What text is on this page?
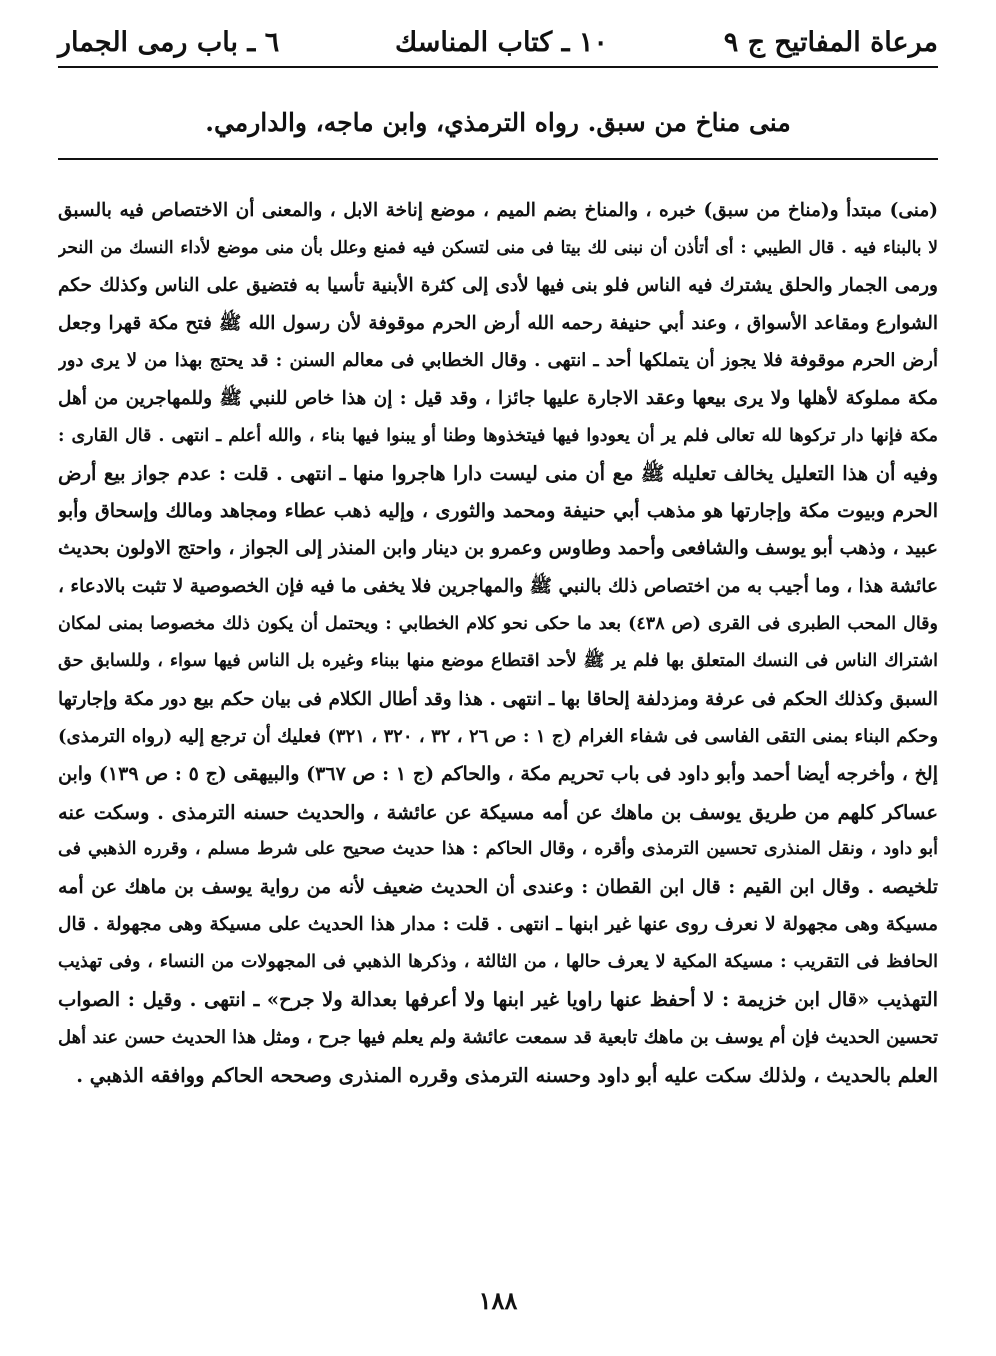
مرعاة المفاتيح ج ٩
١٠ ـ كتاب المناسك
٦ ـ باب رمى الجمار
منى مناخ من سبق. رواه الترمذي، وابن ماجه، والدارمي.
(منى) مبتدأ و(مناخ من سبق) خبره ، والمناخ بضم الميم ، موضع إناخة الابل ، والمعنى أن الاختصاص فيه بالسبق
لا بالبناء فيه . قال الطيبي : أى أتأذن أن نبنى لك بيتا فى منى لتسكن فيه فمنع وعلل بأن منى موضع لأداء النسك من النحر
ورمى الجمار والحلق يشترك فيه الناس فلو بنى فيها لأدى إلى كثرة الأبنية تأسيا به فتضيق على الناس وكذلك حكم
الشوارع ومقاعد الأسواق ، وعند أبي حنيفة رحمه الله أرض الحرم موقوفة لأن رسول الله ﷺ فتح مكة قهرا وجعل
أرض الحرم موقوفة فلا يجوز أن يتملكها أحد ـ انتهى . وقال الخطابي فى معالم السنن : قد يحتج بهذا من لا يرى دور
مكة مملوكة لأهلها ولا يرى بيعها وعقد الاجارة عليها جائزا ، وقد قيل : إن هذا خاص للنبي ﷺ وللمهاجرين من أهل
مكة فإنها دار تركوها لله تعالى فلم ير أن يعودوا فيها فيتخذوها وطنا أو يبنوا فيها بناء ، والله أعلم ـ انتهى . قال القارى :
وفيه أن هذا التعليل يخالف تعليله ﷺ مع أن منى ليست دارا هاجروا منها ـ انتهى . قلت : عدم جواز بيع أرض
الحرم وبيوت مكة وإجارتها هو مذهب أبي حنيفة ومحمد والثورى ، وإليه ذهب عطاء ومجاهد ومالك وإسحاق وأبو
عبيد ، وذهب أبو يوسف والشافعى وأحمد وطاوس وعمرو بن دينار وابن المنذر إلى الجواز ، واحتج الاولون بحديث
عائشة هذا ، وما أجيب به من اختصاص ذلك بالنبي ﷺ والمهاجرين فلا يخفى ما فيه فإن الخصوصية لا تثبت بالادعاء ،
وقال المحب الطبرى فى القرى (ص ٤٣٨) بعد ما حكى نحو كلام الخطابي : ويحتمل أن يكون ذلك مخصوصا بمنى لمكان
اشتراك الناس فى النسك المتعلق بها فلم ير ﷺ لأحد اقتطاع موضع منها ببناء وغيره بل الناس فيها سواء ، وللسابق حق
السبق وكذلك الحكم فى عرفة ومزدلفة إلحاقا بها ـ انتهى . هذا وقد أطال الكلام فى بيان حكم بيع دور مكة وإجارتها
وحكم البناء بمنى التقى الفاسى فى شفاء الغرام (ج ١ : ص ٢٦ ، ٣٢ ، ٣٢٠ ، ٣٢١) فعليك أن ترجع إليه (رواه الترمذى)
إلخ ، وأخرجه أيضا أحمد وأبو داود فى باب تحريم مكة ، والحاكم (ج ١ : ص ٣٦٧) والبيهقى (ج ٥ : ص ١٣٩) وابن
عساكر كلهم من طريق يوسف بن ماهك عن أمه مسيكة عن عائشة ، والحديث حسنه الترمذى . وسكت عنه
أبو داود ، ونقل المنذرى تحسين الترمذى وأقره ، وقال الحاكم : هذا حديث صحيح على شرط مسلم ، وقرره الذهبي فى
تلخيصه . وقال ابن القيم : قال ابن القطان : وعندى أن الحديث ضعيف لأنه من رواية يوسف بن ماهك عن أمه
مسيكة وهى مجهولة لا نعرف روى عنها غير ابنها ـ انتهى . قلت : مدار هذا الحديث على مسيكة وهى مجهولة . قال
الحافظ فى التقريب : مسيكة المكية لا يعرف حالها ، من الثالثة ، وذكرها الذهبي فى المجهولات من النساء ، وفى تهذيب
التهذيب «قال ابن خزيمة : لا أحفظ عنها راويا غير ابنها ولا أعرفها بعدالة ولا جرح» ـ انتهى . وقيل : الصواب
تحسين الحديث فإن أم يوسف بن ماهك تابعية قد سمعت عائشة ولم يعلم فيها جرح ، ومثل هذا الحديث حسن عند أهل
العلم بالحديث ، ولذلك سكت عليه أبو داود وحسنه الترمذى وقرره المنذرى وصححه الحاكم ووافقه الذهبي .
١٨٨
